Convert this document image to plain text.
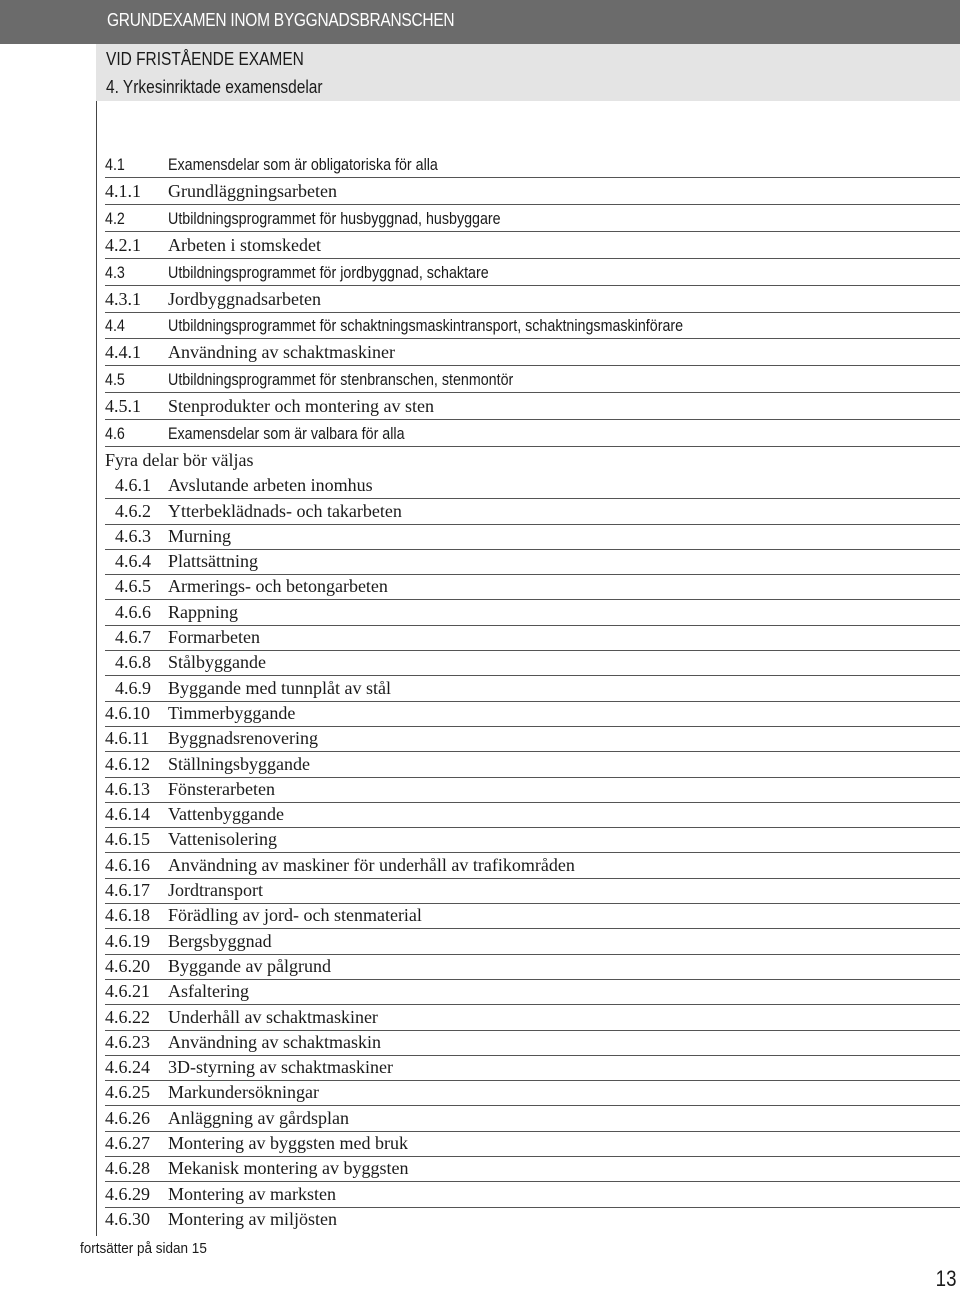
GRUNDEXAMEN INOM BYGGNADSBRANSCHEN
VID FRISTÅENDE EXAMEN
4. Yrkesinriktade examensdelar
4.1	Examensdelar som är obligatoriska för alla
4.1.1 Grundläggningsarbeten
4.2	Utbildningsprogrammet för husbyggnad, husbyggare
4.2.1 Arbeten i stomskedet
4.3	Utbildningsprogrammet för jordbyggnad, schaktare
4.3.1 Jordbyggnadsarbeten
4.4	Utbildningsprogrammet för schaktningsmaskintransport, schaktningsmaskinförare
4.4.1 Användning av schaktmaskiner
4.5	Utbildningsprogrammet för stenbranschen, stenmontör
4.5.1 Stenprodukter och montering av sten
4.6	Examensdelar som är valbara för alla
Fyra delar bör väljas
4.6.1 Avslutande arbeten inomhus
4.6.2 Ytterbeklädnads- och takarbeten
4.6.3 Murning
4.6.4 Plattsättning
4.6.5 Armerings- och betongarbeten
4.6.6 Rappning
4.6.7 Formarbeten
4.6.8 Stålbyggande
4.6.9 Byggande med tunnplåt av stål
4.6.10 Timmerbyggande
4.6.11 Byggnadsrenovering
4.6.12 Ställningsbyggande
4.6.13 Fönsterarbeten
4.6.14 Vattenbyggande
4.6.15 Vattenisolering
4.6.16 Användning av maskiner för underhåll av trafikområden
4.6.17 Jordtransport
4.6.18 Förädling av jord- och stenmaterial
4.6.19 Bergsbyggnad
4.6.20 Byggande av pålgrund
4.6.21 Asfaltering
4.6.22 Underhåll av schaktmaskiner
4.6.23 Användning av schaktmaskin
4.6.24 3D-styrning av schaktmaskiner
4.6.25 Markundersökningar
4.6.26 Anläggning av gårdsplan
4.6.27 Montering av byggsten med bruk
4.6.28 Mekanisk montering av byggsten
4.6.29 Montering av marksten
4.6.30 Montering av miljösten
fortsätter på sidan 15
13
